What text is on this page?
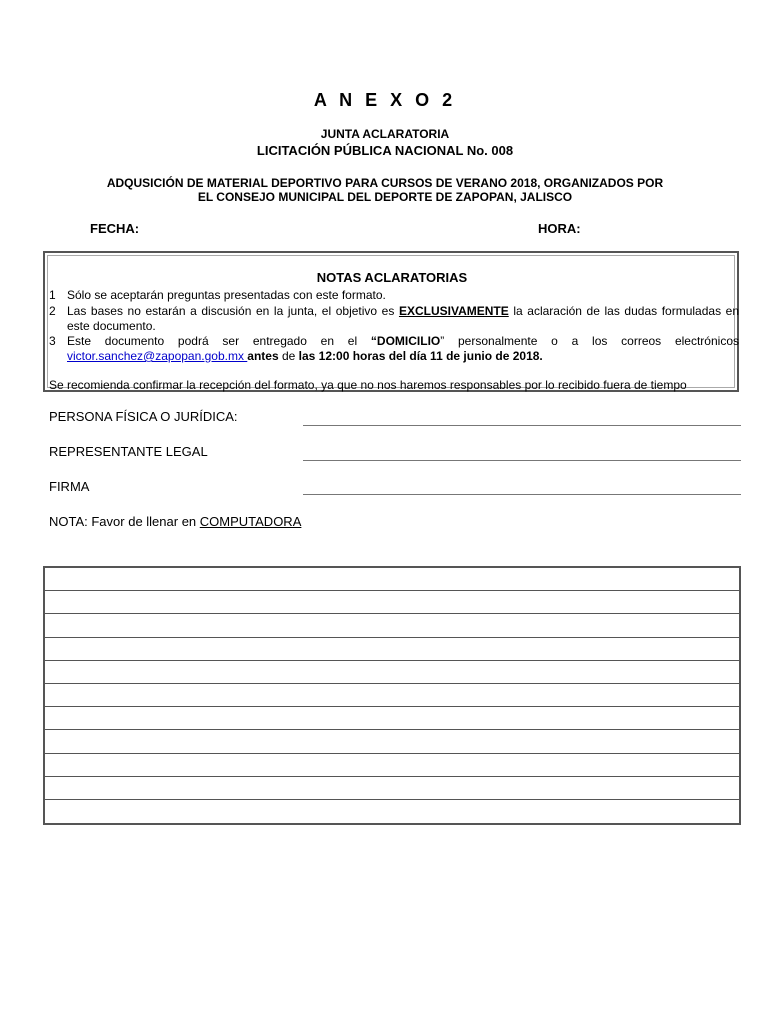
A N E X O 2
JUNTA ACLARATORIA
LICITACIÓN PÚBLICA NACIONAL No. 008
ADQUSICIÓN DE MATERIAL DEPORTIVO PARA CURSOS DE VERANO 2018, ORGANIZADOS POR
EL CONSEJO MUNICIPAL DEL DEPORTE DE ZAPOPAN, JALISCO
FECHA:	HORA:
NOTAS ACLARATORIAS
1 Sólo se aceptarán preguntas presentadas con este formato.
2 Las bases no estarán a discusión en la junta, el objetivo es EXCLUSIVAMENTE la aclaración de las dudas formuladas en este documento.
3 Este documento podrá ser entregado en el “DOMICILIO” personalmente o a los correos electrónicos victor.sanchez@zapopan.gob.mx antes de las 12:00 horas del día 11 de junio de 2018.
Se recomienda confirmar la recepción del formato, ya que no nos haremos responsables por lo recibido fuera de tiempo
PERSONA FÍSICA O JURÍDICA:
REPRESENTANTE LEGAL
FIRMA
NOTA: Favor de llenar en COMPUTADORA
